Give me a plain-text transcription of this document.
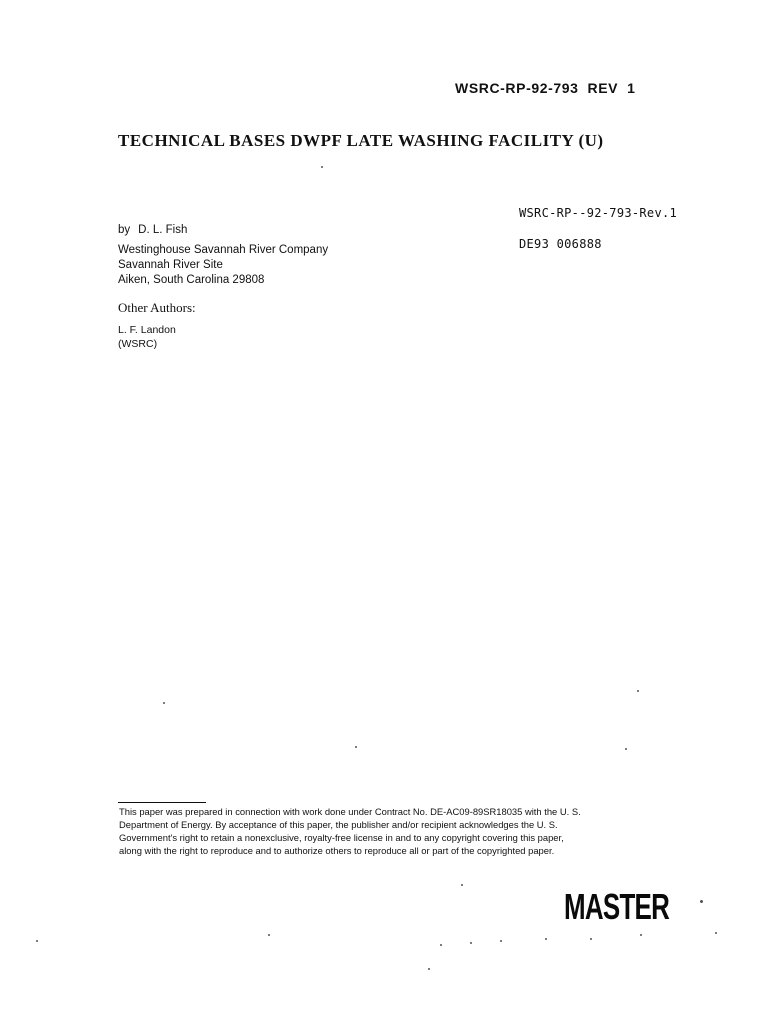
WSRC-RP-92-793  REV  1
TECHNICAL BASES DWPF LATE WASHING FACILITY (U)
WSRC-RP--92-793-Rev.1
DE93 006888
by D. L. Fish
Westinghouse Savannah River Company
Savannah River Site
Aiken, South Carolina 29808
Other Authors:
L. F. Landon
(WSRC)
This paper was prepared in connection with work done under Contract No. DE-AC09-89SR18035 with the U. S.
Department of Energy. By acceptance of this paper, the publisher and/or recipient acknowledges the U. S.
Government's right to retain a nonexclusive, royalty-free license in and to any copyright covering this paper,
along with the right to reproduce and to authorize others to reproduce all or part of the copyrighted paper.
MASTER
